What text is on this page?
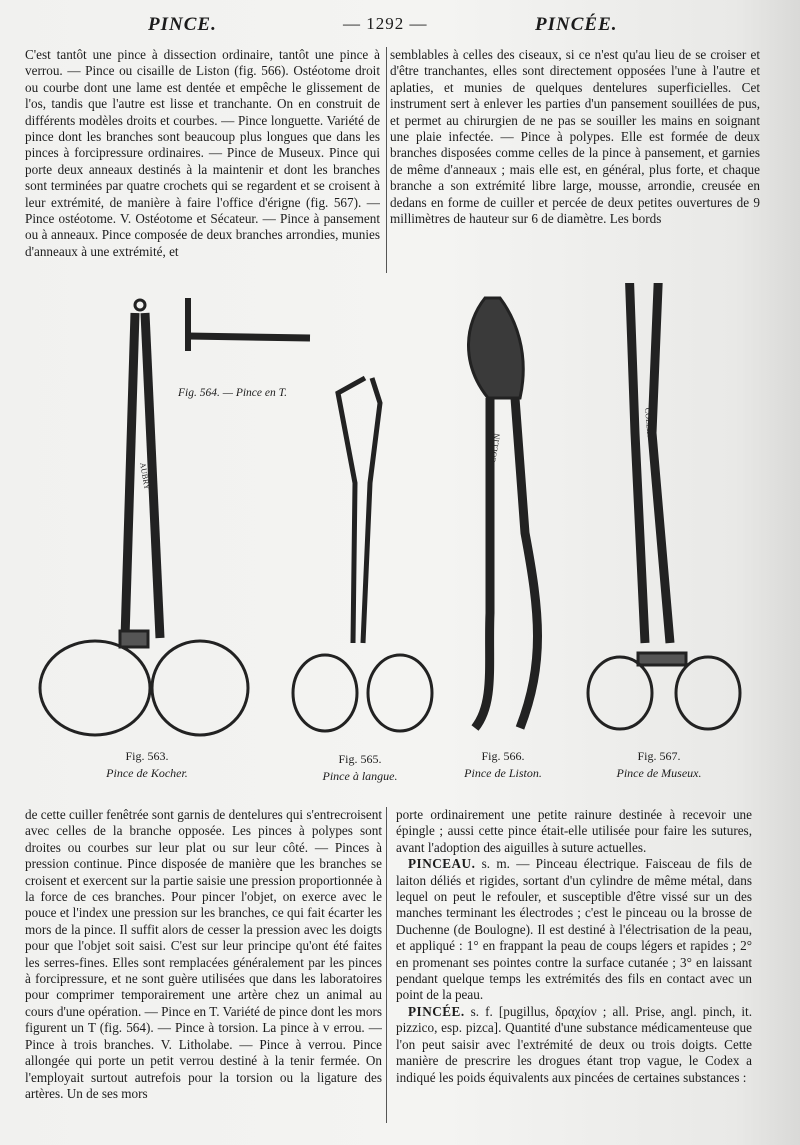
PINCE.	— 1292 —	PINCÉE.

C'est tantôt une pince à dissection ordinaire, tantôt une pince à verrou. — Pince ou cisaille de Liston (fig. 566). Ostéotome droit ou courbe dont une lame est dentée et empêche le glissement de l'os, tandis que l'autre est lisse et tranchante. On en construit de différents modèles droits et courbes. — Pince longuette. Variété de pince dont les branches sont beaucoup plus longues que dans les pinces à forcipressure ordinaires. — Pince de Museux. Pince qui porte deux anneaux destinés à la maintenir et dont les branches sont terminées par quatre crochets qui se regardent et se croisent à leur extrémité, de manière à faire l'office d'érigne (fig. 567). — Pince ostéotome. V. Ostéotome et Sécateur. — Pince à pansement ou à anneaux. Pince composée de deux branches arrondies, munies d'anneaux à une extrémité, et

semblables à celles des ciseaux, si ce n'est qu'au lieu de se croiser et d'être tranchantes, elles sont directement opposées l'une à l'autre et aplaties, et munies de quelques dentelures superficielles. Cet instrument sert à enlever les parties d'un pansement souillées de pus, et permet au chirurgien de ne pas se souiller les mains en soignant une plaie infectée. — Pince à polypes. Elle est formée de deux branches disposées comme celles de la pince à pansement, et garnies de même d'anneaux ; mais elle est, en général, plus forte, et chaque branche a son extrémité libre large, mousse, arrondie, creusée en dedans en forme de cuiller et percée de deux petites ouvertures de 9 millimètres de hauteur sur 6 de diamètre. Les bords

AUBRY
COLLIN
COLLIN
Fig. 564. — Pince en T.
Fig. 563.
Pince de Kocher.
Fig. 565.
Pince à langue.
Fig. 566.
Pince de Liston.
Fig. 567.
Pince de Museux.

de cette cuiller fenêtrée sont garnis de dentelures qui s'entrecroisent avec celles de la branche opposée. Les pinces à polypes sont droites ou courbes sur leur plat ou sur leur côté. — Pinces à pression continue. Pince disposée de manière que les branches se croisent et exercent sur la partie saisie une pression proportionnée à la force de ces branches. Pour pincer l'objet, on exerce avec le pouce et l'index une pression sur les branches, ce qui fait écarter les mors de la pince. Il suffit alors de cesser la pression avec les doigts pour que l'objet soit saisi. C'est sur leur principe qu'ont été faites les serres-fines. Elles sont remplacées généralement par les pinces à forcipressure, et ne sont guère utilisées que dans les laboratoires pour comprimer temporairement une artère chez un animal au cours d'une opération. — Pince en T. Variété de pince dont les mors figurent un T (fig. 564). — Pince à torsion. La pince à v errou. — Pince à trois branches. V. Litholabe. — Pince à verrou. Pince allongée qui porte un petit verrou destiné à la tenir fermée. On l'employait surtout autrefois pour la torsion ou la ligature des artères. Un de ses mors

porte ordinairement une petite rainure destinée à recevoir une épingle ; aussi cette pince était-elle utilisée pour faire les sutures, avant l'adoption des aiguilles à suture actuelles.

PINCEAU. s. m. — Pinceau électrique. Faisceau de fils de laiton déliés et rigides, sortant d'un cylindre de même métal, dans lequel on peut le refouler, et susceptible d'être vissé sur un des manches terminant les électrodes ; c'est le pinceau ou la brosse de Duchenne (de Boulogne). Il est destiné à l'électrisation de la peau, et appliqué : 1° en frappant la peau de coups légers et rapides ; 2° en promenant ses pointes contre la surface cutanée ; 3° en laissant pendant quelque temps les extrémités des fils en contact avec un point de la peau.

PINCÉE. s. f. [pugillus, δραχίον ; all. Prise, angl. pinch, it. pizzico, esp. pizca]. Quantité d'une substance médicamenteuse que l'on peut saisir avec l'extrémité de deux ou trois doigts. Cette manière de prescrire les drogues étant trop vague, le Codex a indiqué les poids équivalents aux pincées de certaines substances :
